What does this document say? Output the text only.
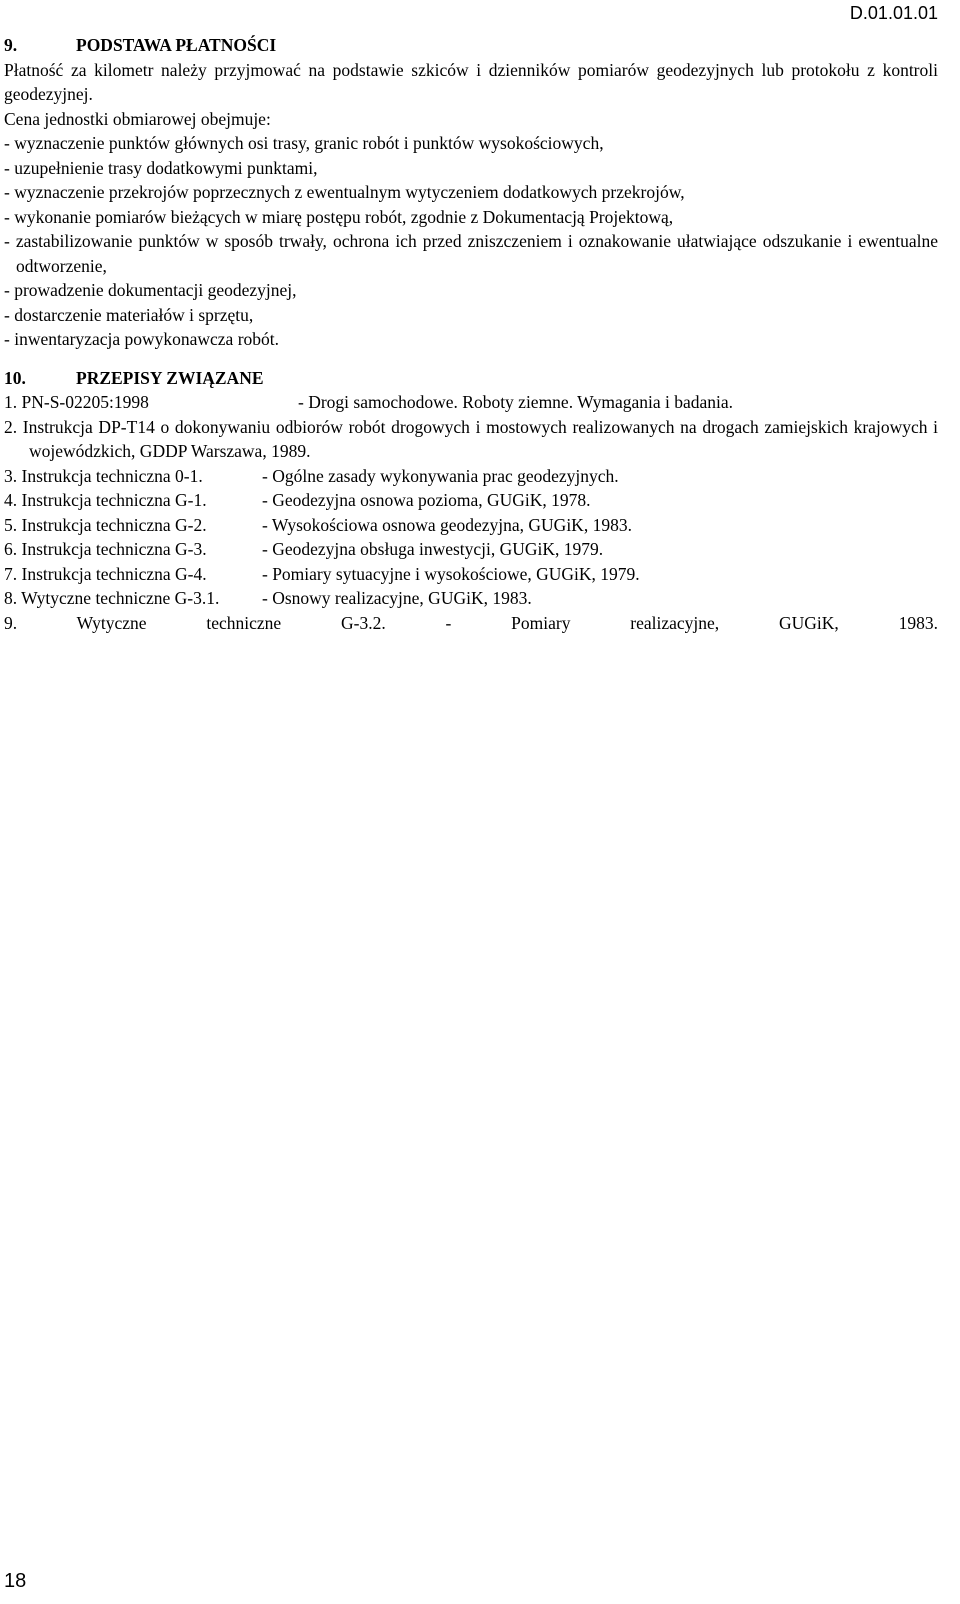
D.01.01.01
9.	PODSTAWA PŁATNOŚCI

Płatność za kilometr należy przyjmować na podstawie szkiców i dzienników pomiarów geodezyjnych lub protokołu z kontroli geodezyjnej.

Cena jednostki obmiarowej obejmuje:

- wyznaczenie punktów głównych osi trasy, granic robót i punktów wysokościowych,

- uzupełnienie trasy dodatkowymi punktami,

- wyznaczenie przekrojów poprzecznych z ewentualnym wytyczeniem dodatkowych przekrojów,

- wykonanie pomiarów bieżących w miarę postępu robót, zgodnie z Dokumentacją Projektową,

- zastabilizowanie punktów w sposób trwały, ochrona ich przed zniszczeniem i oznakowanie ułatwiające odszukanie i ewentualne odtworzenie,

- prowadzenie dokumentacji geodezyjnej,

- dostarczenie materiałów i sprzętu,

- inwentaryzacja powykonawcza robót.

10.	PRZEPISY ZWIĄZANE
1. PN-S-02205:1998	- Drogi samochodowe. Roboty ziemne. Wymagania i badania.

2. Instrukcja DP-T14 o dokonywaniu odbiorów robót drogowych i mostowych realizowanych na drogach zamiejskich krajowych i wojewódzkich, GDDP Warszawa, 1989.

3. Instrukcja techniczna 0-1.	- Ogólne zasady wykonywania prac geodezyjnych.
4. Instrukcja techniczna G-1.	- Geodezyjna osnowa pozioma, GUGiK, 1978.
5. Instrukcja techniczna G-2.	- Wysokościowa osnowa geodezyjna, GUGiK, 1983.
6. Instrukcja techniczna G-3.	- Geodezyjna obsługa inwestycji, GUGiK, 1979.
7. Instrukcja techniczna G-4.	- Pomiary sytuacyjne i wysokościowe, GUGiK, 1979.
8. Wytyczne techniczne G-3.1.	- Osnowy realizacyjne, GUGiK, 1983.

9. Wytyczne techniczne G-3.2. - Pomiary realizacyjne, GUGiK, 1983.

18
